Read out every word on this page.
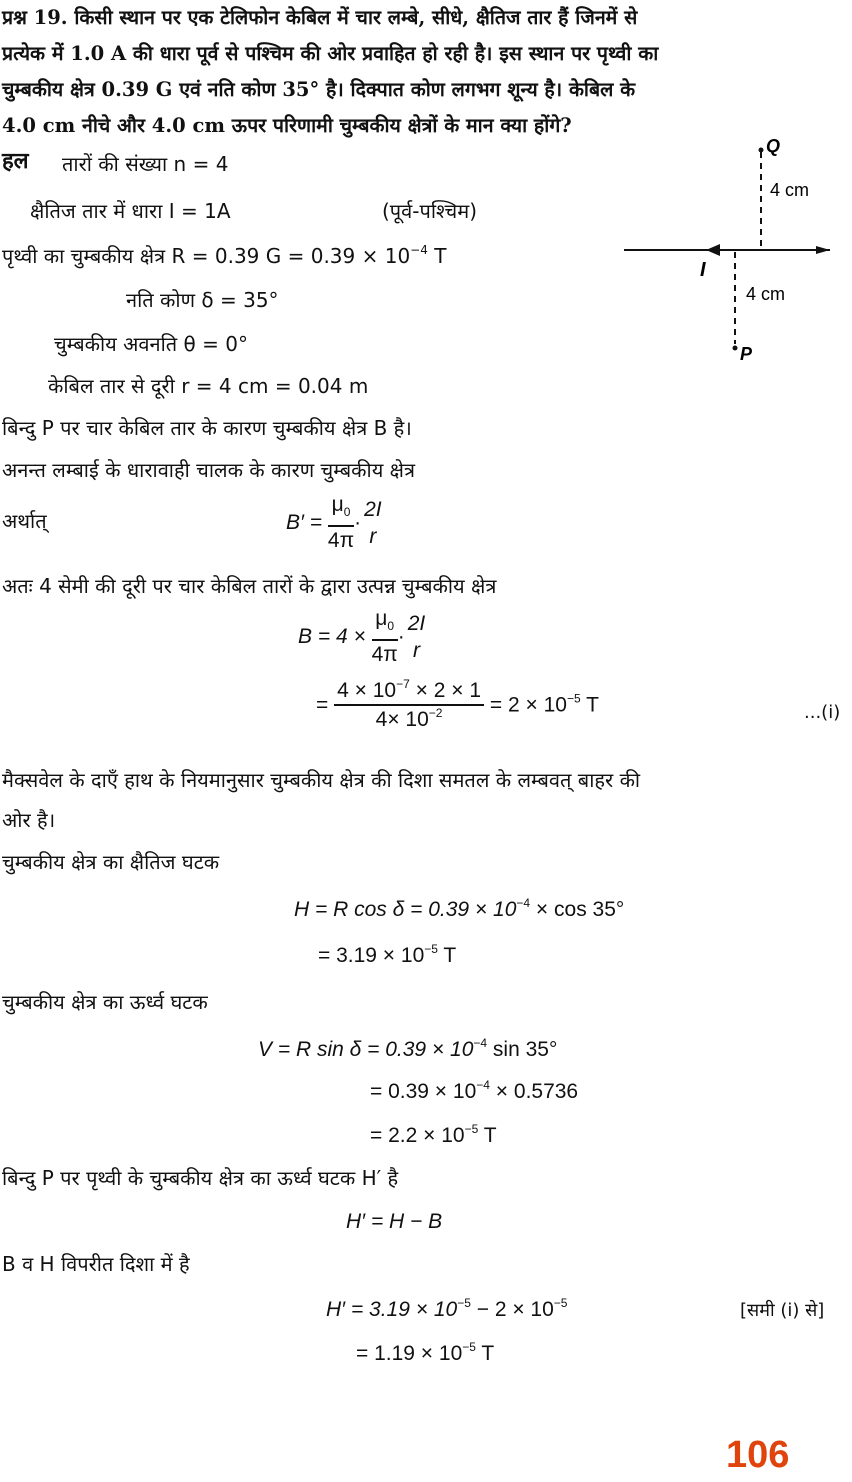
प्रश्न 19. किसी स्थान पर एक टेलिफोन केबिल में चार लम्बे, सीधे, क्षैतिज तार हैं जिनमें से
प्रत्येक में 1.0 A की धारा पूर्व से पश्चिम की ओर प्रवाहित हो रही है। इस स्थान पर पृथ्वी का
चुम्बकीय क्षेत्र 0.39 G एवं नति कोण 35° है। दिक्पात कोण लगभग शून्य है। केबिल के
4.0 cm नीचे और 4.0 cm ऊपर परिणामी चुम्बकीय क्षेत्रों के मान क्या होंगे?
हल तारों की संख्या n = 4
क्षैतिज तार में धारा I = 1A	(पूर्व-पश्चिम)
पृथ्वी का चुम्बकीय क्षेत्र R = 0.39 $G = 0.39 \times 10^{-4}$ T
नति कोण δ = 35°
चुम्बकीय अवनति θ = 0°
केबिल तार से दूरी r = 4 cm = 0.04 m
Q
P
I
4 cm
4 cm
बिन्दु P पर चार केबिल तार के कारण चुम्बकीय क्षेत्र B है।
अनन्त लम्बाई के धारावाही चालक के कारण चुम्बकीय क्षेत्र
अर्थात्	$B' = \frac{\mu_0}{4\pi}$ ·
2I
r
अतः 4 सेमी की दूरी पर चार केबिल तारों के द्वारा उत्पन्न चुम्बकीय क्षेत्र
$B = 4 \times \frac{\mu_0}{4\pi}$ ·
2I
r
= $\frac{4 \times 10^{-7} \times 2 \times 1}{4\times 10^{-2}} = 2 \times 10^{-5}$ T	...(i)
मैक्सवेल के दाएँ हाथ के नियमानुसार चुम्बकीय क्षेत्र की दिशा समतल के लम्बवत् बाहर की
ओर है।
चुम्बकीय क्षेत्र का क्षैतिज घटक
H = R $\cos \delta = 0.39 \times 10^{-4} \times \cos 35^\circ$
= $3.19 \times 10^{-5}$ T
चुम्बकीय क्षेत्र का ऊर्ध्व घटक
V = R $\sin \delta = 0.39 \times 10^{-4}$ sin 35°
= $0.39 \times 10^{-4} \times 0.5736$
= $2.2 \times 10^{-5}$ T
बिन्दु P पर पृथ्वी के चुम्बकीय क्षेत्र का ऊर्ध्व घटक H′ है
H′ = H − B
B व H विपरीत दिशा में है
$H' = 3.19 \times 10^{-5} - 2 \times 10^{-5}$	[समी (i) से]
= $1.19 \times 10^{-5}$ T
106
